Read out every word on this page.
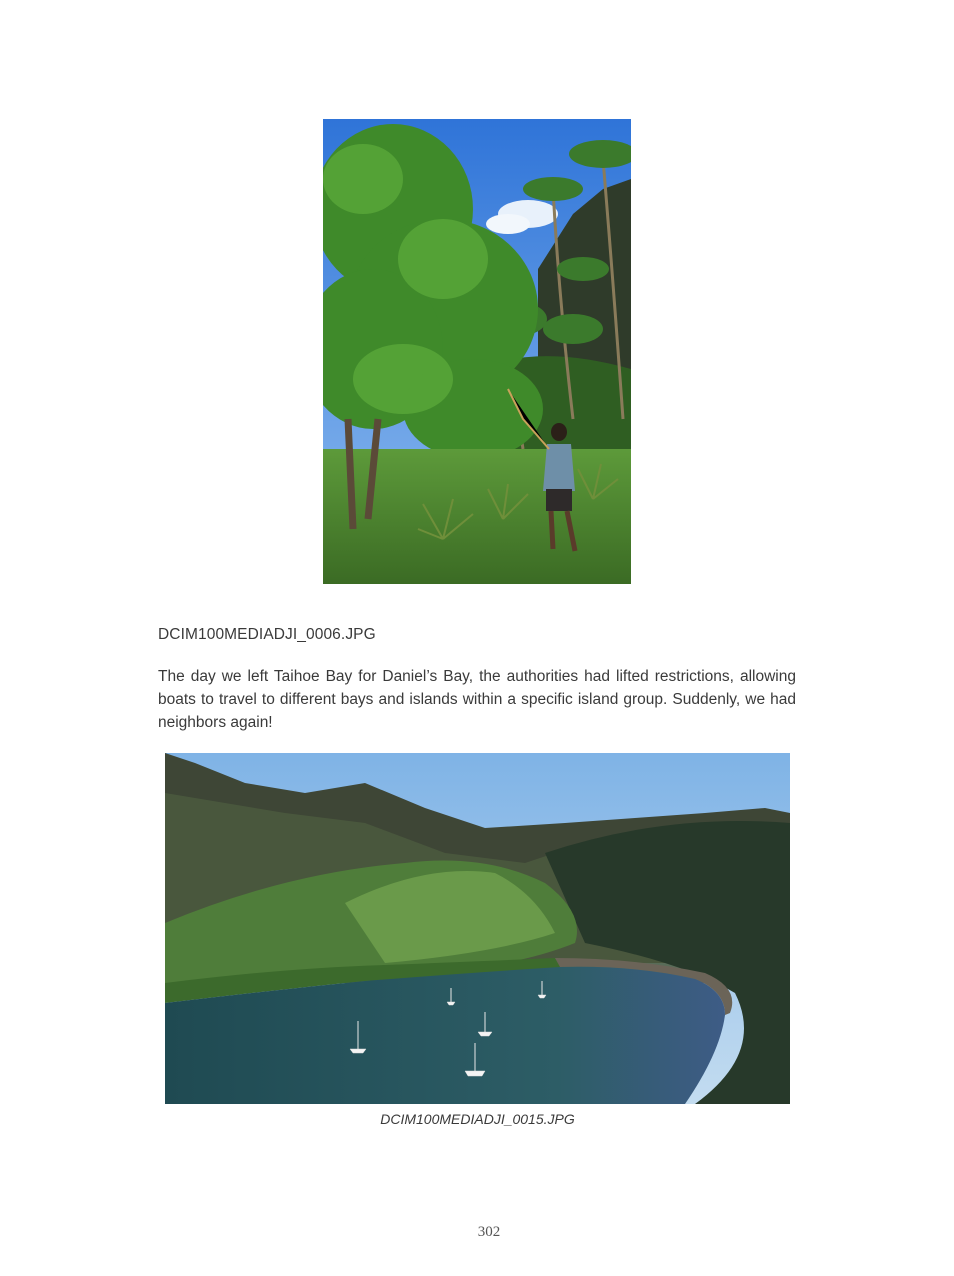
DCIM100MEDIADJI_0006.JPG
The day we left Taihoe Bay for Daniel’s Bay, the authorities had lifted restrictions, allowing boats to travel to different bays and islands within a specific island group. Suddenly, we had neighbors again!
DCIM100MEDIADJI_0015.JPG
302
